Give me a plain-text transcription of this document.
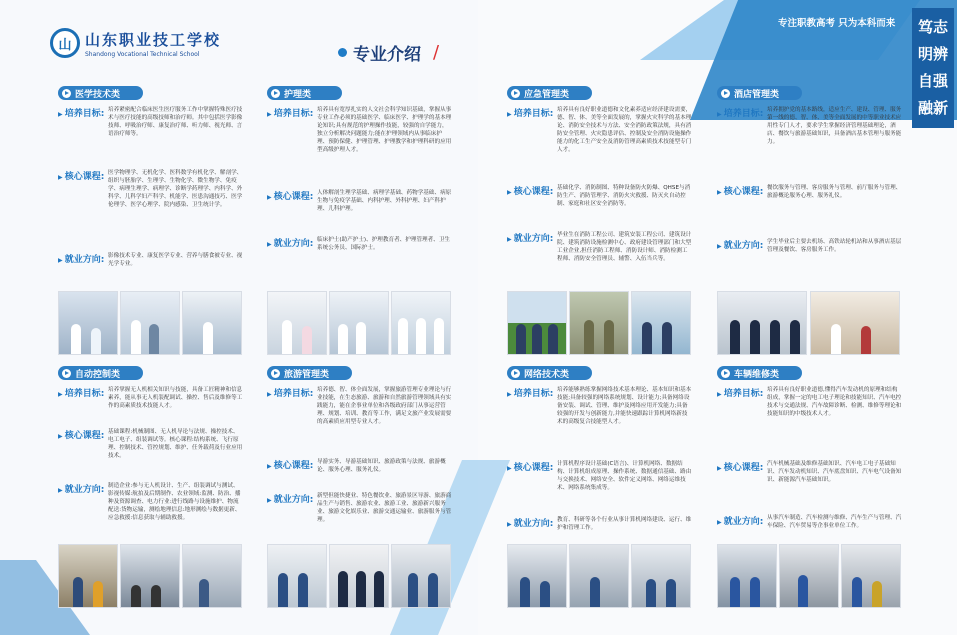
山 山东职业技工学校
Shandong Vocational Technical School	专业介绍 /
专注职教高考 只为本科而来	笃志
明辨
自强
融新
医学技术类
▶ 培养目标: 培养紧密配合临床医生医疗服务工作中掌握特殊医疗技术与医疗技能的高级技师和治疗师。其中包括医学影像技师、呼吸治疗师、康复治疗师、听力师、视光师、言语治疗师等。
▶ 核心课程: 医学物理学、无机化学、医科数学有机化学、解剖学、组织与胚胎学、生理学、生物化学、微生物学、免疫学、病理生理学、病理学、诊断学药理学、内科学、外科学、儿科学妇产科学、机能学、医患沟通技巧、医学伦理学、医学心理学、院内感染、卫生统计学。
▶ 就业方向: 影像技术专业、康复医学专业、营养与膳食被专业、视光学专业。
护理类
▶ 培养目标: 培养具有宽厚扎实的人文社会科学知识基础，掌握从事专业工作必须的基础医学、临床医学、护理学的基本理论知识;具有规范的护理操作技能，较强的自学能力，独立分析解决问题能力;能在护理领域内从事临床护理、预防保健、护理管理、护理教学和护理科研的应用型高级护理人才。
▶ 核心课程: 人体解剖生理学基础、病理学基础、药物学基础、病原生物与免疫学基础、内科护理、外科护理、妇产科护理、儿科护理。
▶ 就业方向: 临床护士(助产护士)、护理教育者、护理管理者、卫生系统公务员、国际护士。
应急管理类
▶ 培养目标: 培养具有良好职业道德和文化素养适应经济建设需要，德、智、体、美等全面发展的，掌握火灾科学的基本理论、消防安全技术与方法、安全消防政策法规，具有消防安全管理、火灾隐患评估、控制及安全消防设施操作能力的化工生产安全及消防管理高素质技术技能型专门人才。
▶ 核心课程: 基础化学、消防制图、特种设备防火防爆、QHSE与消防生产、消防管理学、消防火灾救援、防灭火自动控制、家庭和社区安全消防等。
▶ 就业方向: 毕业生在消防工程公司、建筑安装工程公司、建筑设计院、建筑消防设施检测中心、政府建设管理部门和大型工业企业,担任消防工程师、消防设计师、消防检测工程师、消防安全管理员、辅警、入伍当兵等。
酒店管理类
▶ 培养目标: 培养拥护党的基本路线，适应生产、建设、管理、服务第一线的德、智、体、美等全面发展的中等职业技术应用性专门人才，要求学生掌握经济管理基础理论，酒店、餐饮与旅游基础知识，具备酒店基本管理与服务能力。
▶ 核心课程: 餐饮服务与管理、客房服务与管理、前厅服务与管理、旅游概论服务心理、服务礼仪。
▶ 就业方向: 学生毕业后主要去机场、高铁站轮机站和从事酒店基层管理及餐饮、客房服务工作。
自动控制类
▶ 培养目标: 培养掌握无人机相关知识与技能，具备工匠精神和信息素养，能从事无人机装配调试、操控、售后及维修等工作的高素质技术技能人才。
▶ 核心课程: 基础课程:机械制图、无人机导论与法规、操控技术、电工电子、组装调试等。核心课程:结构系统、飞行原理、控制技术、管控规划、维护、任务载荷及行业应用技术。
▶ 就业方向: 制造企业:参与无人机设计、生产、组装调试与测试、影视传媒:航拍及后期制作、农业领域:监测、防治、播种及资源调查、电力行业:进行线路与设施维护、物流配送:货物运输，测绘地理信息:地形测绘与数据更新、应急救援:信息获取与辅助救援。
旅游管理类
▶ 培养目标: 培养德、智、体全面发展，掌握旅游管理专业理论与行业技能，在生态旅游、旅游和自然旅游管理领域具有实践能力，能在企事业单位和各级政府部门从事运营管理、规划、培训、教育等工作，满足文旅产业发展需要的高素质应用型专业人才。
▶ 核心课程: 导游实务、导游基础知识、旅游政策与法规、旅游概论、服务心理、服务礼仪。
▶ 就业方向: 新型但能快捷业、特色餐饮业、旅游景区导游、旅游商品生产与销售、旅游农业、旅游工业、旅游新兴服务业、旅游文化娱乐业、旅游交通运输业、旅游服务与管理。
网络技术类
▶ 培养目标: 培养能够熟练掌握网络技术基本理论、基本知识和基本技能;具备较强的网络系统规划、设计能力;具备网络设备安装、调试、管理、维护及网络应用开发能力;具备较强的开发与创新能力,并能快速跟踪计算机网络新技术的高级复合技能型人才。
▶ 核心课程: 计算机程序设计基础(C语言)、计算机网络、数据结构、计算机组成原理、操作系统、数据通信基础、路由与交换技术、网络安全、软件定义网络、网络运维技术、网络系统集成等。
▶ 就业方向: 教育、科研等各个行业从事计算机网络建设、运行、维护和管理工作。
车辆维修类
▶ 培养目标: 培养具有良好职业道德,懂得汽车发动机的原理和结构组成，掌握一定的电工电子理论和技能知识、汽车电控技术与交通法规、汽车故障诊断、检测、维修等理论和技能知识的中级技术人才。
▶ 核心课程: 汽车机械基础及维修基础知识、汽车电工电子基础知识、汽车发动机知识、汽车底盘知识、汽车电气设备知识、新能源汽车基础知识。
▶ 就业方向: 从事汽车制造、汽车检测与维修、汽车生产与管理、汽车保险、汽车贸易等企事业单位工作。
